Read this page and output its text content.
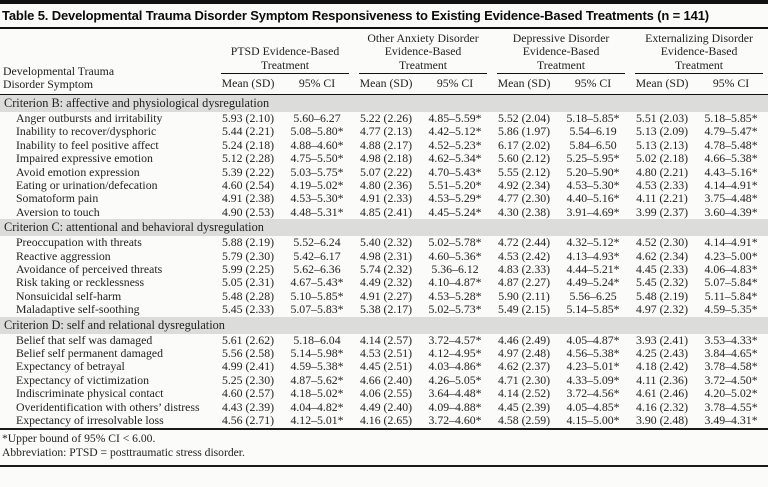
Table 5. Developmental Trauma Disorder Symptom Responsiveness to Existing Evidence-Based Treatments (n = 141)
Developmental Trauma
Disorder Symptom

PTSD Evidence-Based
Treatment

Other Anxiety Disorder
Evidence-Based
Treatment

Depressive Disorder
Evidence-Based
Treatment

Externalizing Disorder
Evidence-Based
Treatment

	Mean (SD)	95% CI	Mean (SD)	95% CI	Mean (SD)	95% CI	Mean (SD)	95% CI
Criterion B: affective and physiological dysregulation								
Anger outbursts and irritability	5.93 (2.10)	5.60–6.27	5.22 (2.26)	4.85–5.59*	5.52 (2.04)	5.18–5.85*	5.51 (2.03)	5.18–5.85*
Inability to recover/dysphoric	5.44 (2.21)	5.08–5.80*	4.77 (2.13)	4.42–5.12*	5.86 (1.97)	5.54–6.19	5.13 (2.09)	4.79–5.47*
Inability to feel positive affect	5.24 (2.18)	4.88–4.60*	4.88 (2.17)	4.52–5.23*	6.17 (2.02)	5.84–6.50	5.13 (2.13)	4.78–5.48*
Impaired expressive emotion	5.12 (2.28)	4.75–5.50*	4.98 (2.18)	4.62–5.34*	5.60 (2.12)	5.25–5.95*	5.02 (2.18)	4.66–5.38*
Avoid emotion expression	5.39 (2.22)	5.03–5.75*	5.07 (2.22)	4.70–5.43*	5.55 (2.12)	5.20–5.90*	4.80 (2.21)	4.43–5.16*
Eating or urination/defecation	4.60 (2.54)	4.19–5.02*	4.80 (2.36)	5.51–5.20*	4.92 (2.34)	4.53–5.30*	4.53 (2.33)	4.14–4.91*
Somatoform pain	4.91 (2.38)	4.53–5.30*	4.91 (2.33)	4.53–5.29*	4.77 (2.30)	4.40–5.16*	4.11 (2.21)	3.75–4.48*
Aversion to touch	4.90 (2.53)	4.48–5.31*	4.85 (2.41)	4.45–5.24*	4.30 (2.38)	3.91–4.69*	3.99 (2.37)	3.60–4.39*
Criterion C: attentional and behavioral dysregulation								
Preoccupation with threats	5.88 (2.19)	5.52–6.24	5.40 (2.32)	5.02–5.78*	4.72 (2.44)	4.32–5.12*	4.52 (2.30)	4.14–4.91*
Reactive aggression	5.79 (2.30)	5.42–6.17	4.98 (2.31)	4.60–5.36*	4.53 (2.42)	4.13–4.93*	4.62 (2.34)	4.23–5.00*
Avoidance of perceived threats	5.99 (2.25)	5.62–6.36	5.74 (2.32)	5.36–6.12	4.83 (2.33)	4.44–5.21*	4.45 (2.33)	4.06–4.83*
Risk taking or recklessness	5.05 (2.31)	4.67–5.43*	4.49 (2.32)	4.10–4.87*	4.87 (2.27)	4.49–5.24*	5.45 (2.32)	5.07–5.84*
Nonsuicidal self-harm	5.48 (2.28)	5.10–5.85*	4.91 (2.27)	4.53–5.28*	5.90 (2.11)	5.56–6.25	5.48 (2.19)	5.11–5.84*
Maladaptive self-soothing	5.45 (2.33)	5.07–5.83*	5.38 (2.17)	5.02–5.73*	5.49 (2.15)	5.14–5.85*	4.97 (2.32)	4.59–5.35*
Criterion D: self and relational dysregulation								
Belief that self was damaged	5.61 (2.62)	5.18–6.04	4.14 (2.57)	3.72–4.57*	4.46 (2.49)	4.05–4.87*	3.93 (2.41)	3.53–4.33*
Belief self permanent damaged	5.56 (2.58)	5.14–5.98*	4.53 (2.51)	4.12–4.95*	4.97 (2.48)	4.56–5.38*	4.25 (2.43)	3.84–4.65*
Expectancy of betrayal	4.99 (2.41)	4.59–5.38*	4.45 (2.51)	4.03–4.86*	4.62 (2.37)	4.23–5.01*	4.18 (2.42)	3.78–4.58*
Expectancy of victimization	5.25 (2.30)	4.87–5.62*	4.66 (2.40)	4.26–5.05*	4.71 (2.30)	4.33–5.09*	4.11 (2.36)	3.72–4.50*
Indiscriminate physical contact	4.60 (2.57)	4.18–5.02*	4.06 (2.55)	3.64–4.48*	4.14 (2.52)	3.72–4.56*	4.61 (2.46)	4.20–5.02*
Overidentification with others’ distress	4.43 (2.39)	4.04–4.82*	4.49 (2.40)	4.09–4.88*	4.45 (2.39)	4.05–4.85*	4.16 (2.32)	3.78–4.55*
Expectancy of irresolvable loss	4.56 (2.71)	4.12–5.01*	4.16 (2.65)	3.72–4.60*	4.58 (2.59)	4.15–5.00*	3.90 (2.48)	3.49–4.31*
*Upper bound of 95% CI < 6.00.
Abbreviation: PTSD = posttraumatic stress disorder.
